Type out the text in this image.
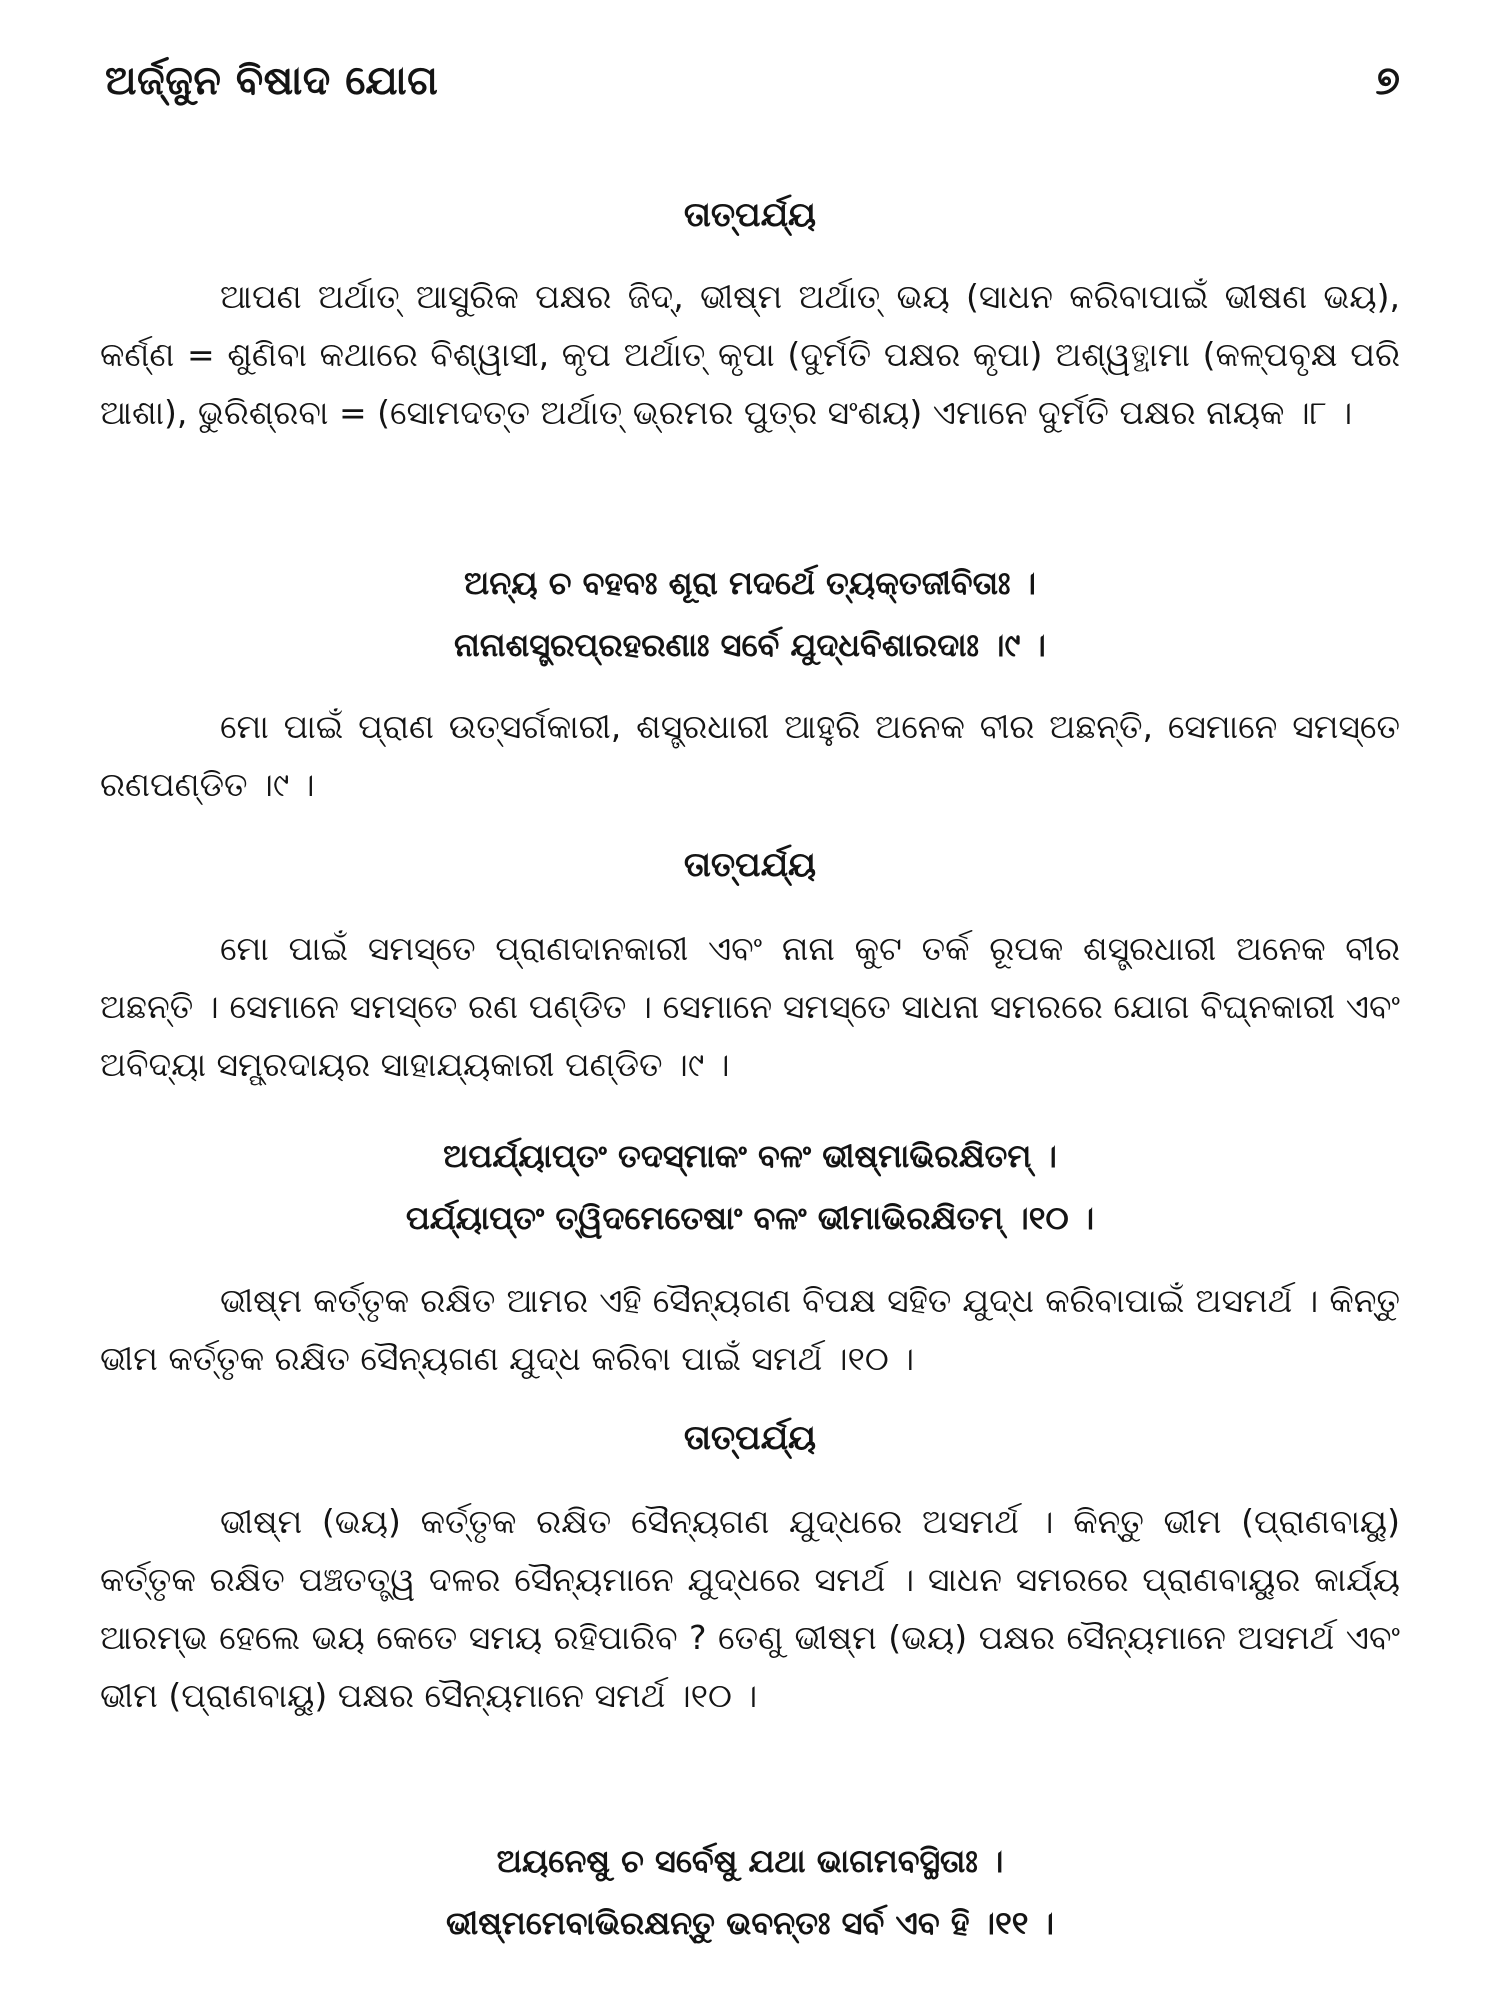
ଅର୍ଜ୍ଜୁନ ବିଷାଦ ଯୋଗ	୭

ତାତ୍ପର୍ଯ୍ୟ

ଆପଣ ଅର୍ଥାତ୍ ଆସୁରିକ ପକ୍ଷର ଜିଦ୍, ଭୀଷ୍ମ ଅର୍ଥାତ୍ ଭୟ (ସାଧନ କରିବାପାଇଁ ଭୀଷଣ ଭୟ), କର୍ଣ୍ଣ = ଶୁଣିବା କଥାରେ ବିଶ୍ୱାସୀ, କୃପ ଅର୍ଥାତ୍ କୃପା (ଦୁର୍ମତି ପକ୍ଷର କୃପା) ଅଶ୍ୱତ୍ଥାମା (କଳ୍ପବୃକ୍ଷ ପରି ଆଶା), ଭୁରିଶ୍ରବା = (ସୋମଦତ୍ତ ଅର୍ଥାତ୍ ଭ୍ରମର ପୁତ୍ର ସଂଶୟ) ଏମାନେ ଦୁର୍ମତି ପକ୍ଷର ନାୟକ ।୮ ।

ଅନ୍ୟ ଚ ବହବଃ ଶୂରା ମଦର୍ଥେ ତ୍ୟକ୍ତଜୀବିତାଃ ।
ନାନାଶସ୍ତ୍ରପ୍ରହରଣାଃ ସର୍ବେ ଯୁଦ୍ଧବିଶାରଦାଃ ।୯ ।

ମୋ ପାଇଁ ପ୍ରାଣ ଉତ୍ସର୍ଗକାରୀ, ଶସ୍ତ୍ରଧାରୀ ଆହୁରି ଅନେକ ବୀର ଅଛନ୍ତି, ସେମାନେ ସମସ୍ତେ ରଣପଣ୍ଡିତ ।୯ ।

ତାତ୍ପର୍ଯ୍ୟ

ମୋ ପାଇଁ ସମସ୍ତେ ପ୍ରାଣଦାନକାରୀ ଏବଂ ନାନା କୁଟ ତର୍କ ରୂପକ ଶସ୍ତ୍ରଧାରୀ ଅନେକ ବୀର ଅଛନ୍ତି । ସେମାନେ ସମସ୍ତେ ରଣ ପଣ୍ଡିତ । ସେମାନେ ସମସ୍ତେ ସାଧନା ସମରରେ ଯୋଗ ବିଘ୍ନକାରୀ ଏବଂ ଅବିଦ୍ୟା ସମ୍ପ୍ରଦାୟର ସାହାଯ୍ୟକାରୀ ପଣ୍ଡିତ ।୯ ।

ଅପର୍ଯ୍ୟାପ୍ତଂ ତଦସ୍ମାକଂ ବଳଂ ଭୀଷ୍ମାଭିରକ୍ଷିତମ୍ ।
ପର୍ଯ୍ୟାପ୍ତଂ ତ୍ୱିଦମେତେଷାଂ ବଳଂ ଭୀମାଭିରକ୍ଷିତମ୍ ।୧୦ ।

ଭୀଷ୍ମ କର୍ତ୍ତୃକ ରକ୍ଷିତ ଆମର ଏହି ସୈନ୍ୟଗଣ ବିପକ୍ଷ ସହିତ ଯୁଦ୍ଧ କରିବାପାଇଁ ଅସମର୍ଥ । କିନ୍ତୁ ଭୀମ କର୍ତ୍ତୃକ ରକ୍ଷିତ ସୈନ୍ୟଗଣ ଯୁଦ୍ଧ କରିବା ପାଇଁ ସମର୍ଥ ।୧୦ ।

ତାତ୍ପର୍ଯ୍ୟ

ଭୀଷ୍ମ (ଭୟ) କର୍ତ୍ତୃକ ରକ୍ଷିତ ସୈନ୍ୟଗଣ ଯୁଦ୍ଧରେ ଅସମର୍ଥ । କିନ୍ତୁ ଭୀମ (ପ୍ରାଣବାୟୁ) କର୍ତ୍ତୃକ ରକ୍ଷିତ ପଞ୍ଚତତ୍ତ୍ୱ ଦଳର ସୈନ୍ୟମାନେ ଯୁଦ୍ଧରେ ସମର୍ଥ । ସାଧନ ସମରରେ ପ୍ରାଣବାୟୁର କାର୍ଯ୍ୟ ଆରମ୍ଭ ହେଲେ ଭୟ କେତେ ସମୟ ରହିପାରିବ ? ତେଣୁ ଭୀଷ୍ମ (ଭୟ) ପକ୍ଷର ସୈନ୍ୟମାନେ ଅସମର୍ଥ ଏବଂ ଭୀମ (ପ୍ରାଣବାୟୁ) ପକ୍ଷର ସୈନ୍ୟମାନେ ସମର୍ଥ ।୧୦ ।

ଅୟନେଷୁ ଚ ସର୍ବେଷୁ ଯଥା ଭାଗମବସ୍ଥିତାଃ ।
ଭୀଷ୍ମମେବାଭିରକ୍ଷନ୍ତୁ ଭବନ୍ତଃ ସର୍ବ ଏବ ହି ।୧୧ ।
